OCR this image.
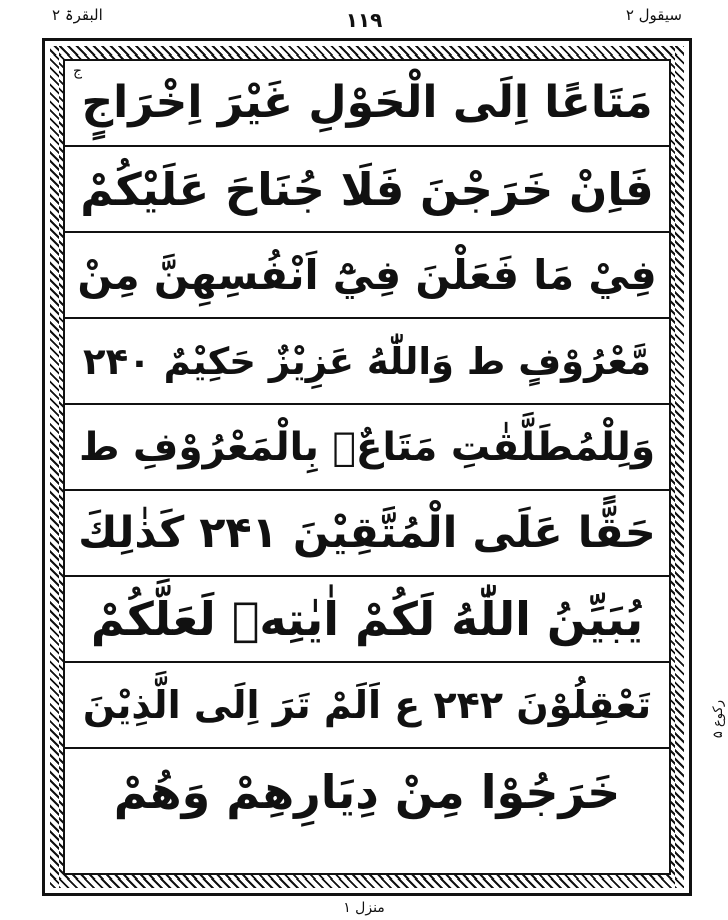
سیقول ۲
۱۱۹
البقرۃ ۲
ج
مَتَاعًا اِلَى الْحَوْلِ غَيْرَ اِخْرَاجٍ
فَاِنْ خَرَجْنَ فَلَا جُنَاحَ عَلَيْكُمْ
فِيْ مَا فَعَلْنَ فِيْٓ اَنْفُسِهِنَّ مِنْ
مَّعْرُوْفٍ ط وَاللّٰهُ عَزِيْزٌ حَكِيْمٌ ۲۴۰
وَلِلْمُطَلَّقٰتِ مَتَاعٌۢ بِالْمَعْرُوْفِ ط
حَقًّا عَلَى الْمُتَّقِيْنَ ۲۴۱ كَذٰلِكَ
يُبَيِّنُ اللّٰهُ لَكُمْ اٰيٰتِهٖ لَعَلَّكُمْ
تَعْقِلُوْنَ ۲۴۲ ع اَلَمْ تَرَ اِلَى الَّذِيْنَ
خَرَجُوْا مِنْ دِيَارِهِمْ وَهُمْ
رکوع ۵
منزل ۱
